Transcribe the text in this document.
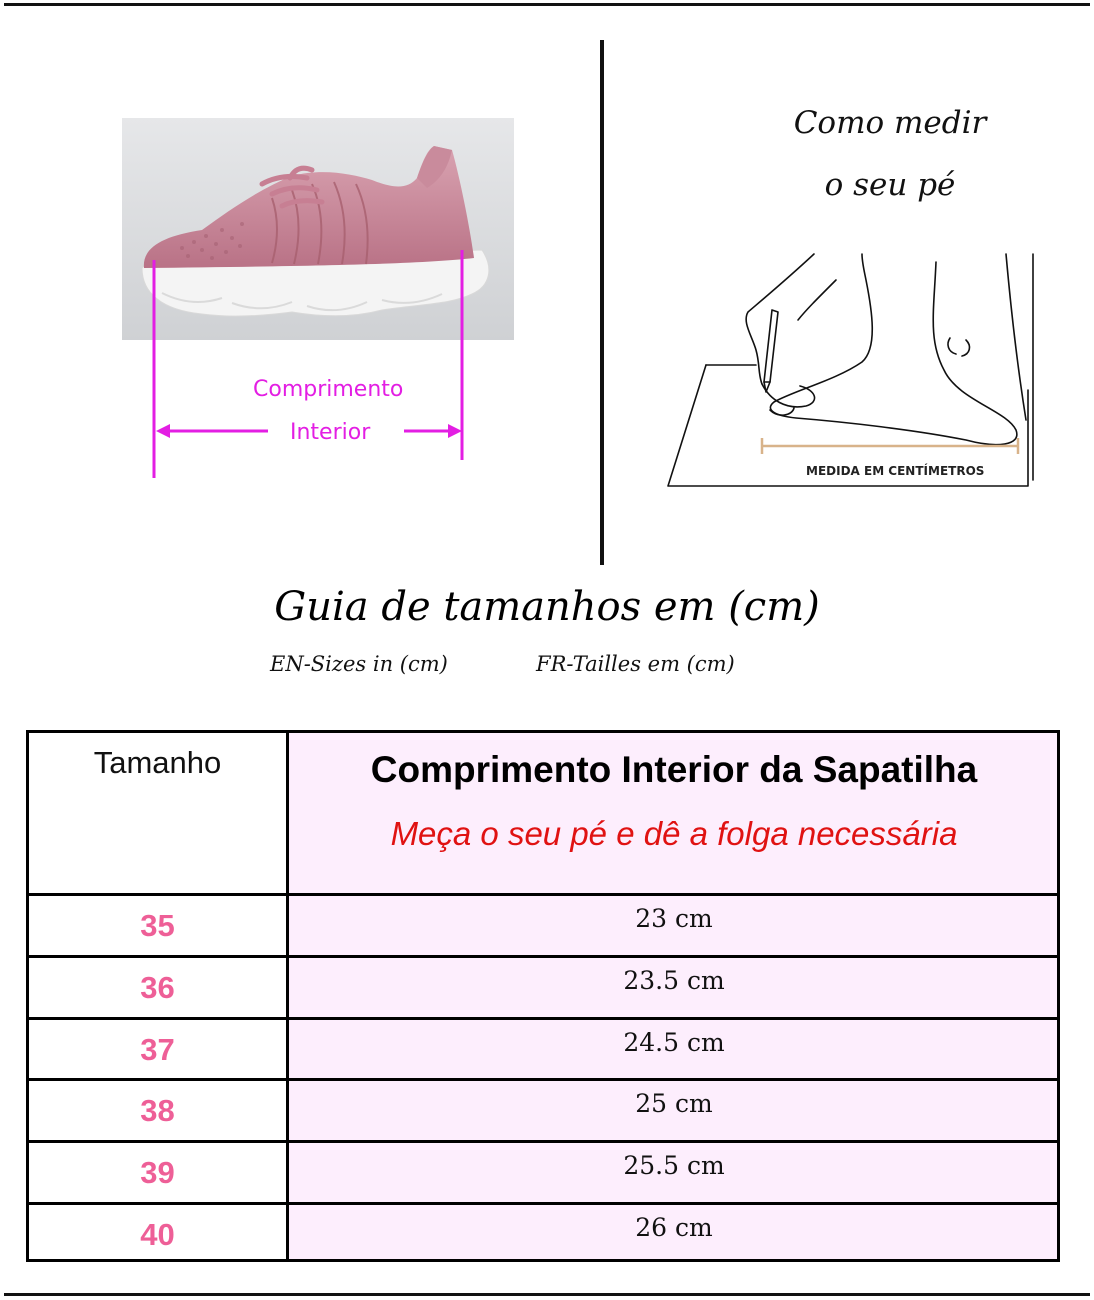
Comprimento
Interior
Como medir
o seu pé
MEDIDA EM CENTÍMETROS
Guia de tamanhos em (cm)
EN-Sizes in (cm)	FR-Tailles em (cm)
Tamanho	Comprimento Interior da Sapatilha
Meça o seu pé e dê a folga necessária
35	23 cm
36	23.5 cm
37	24.5 cm
38	25 cm
39	25.5 cm
40	26 cm
